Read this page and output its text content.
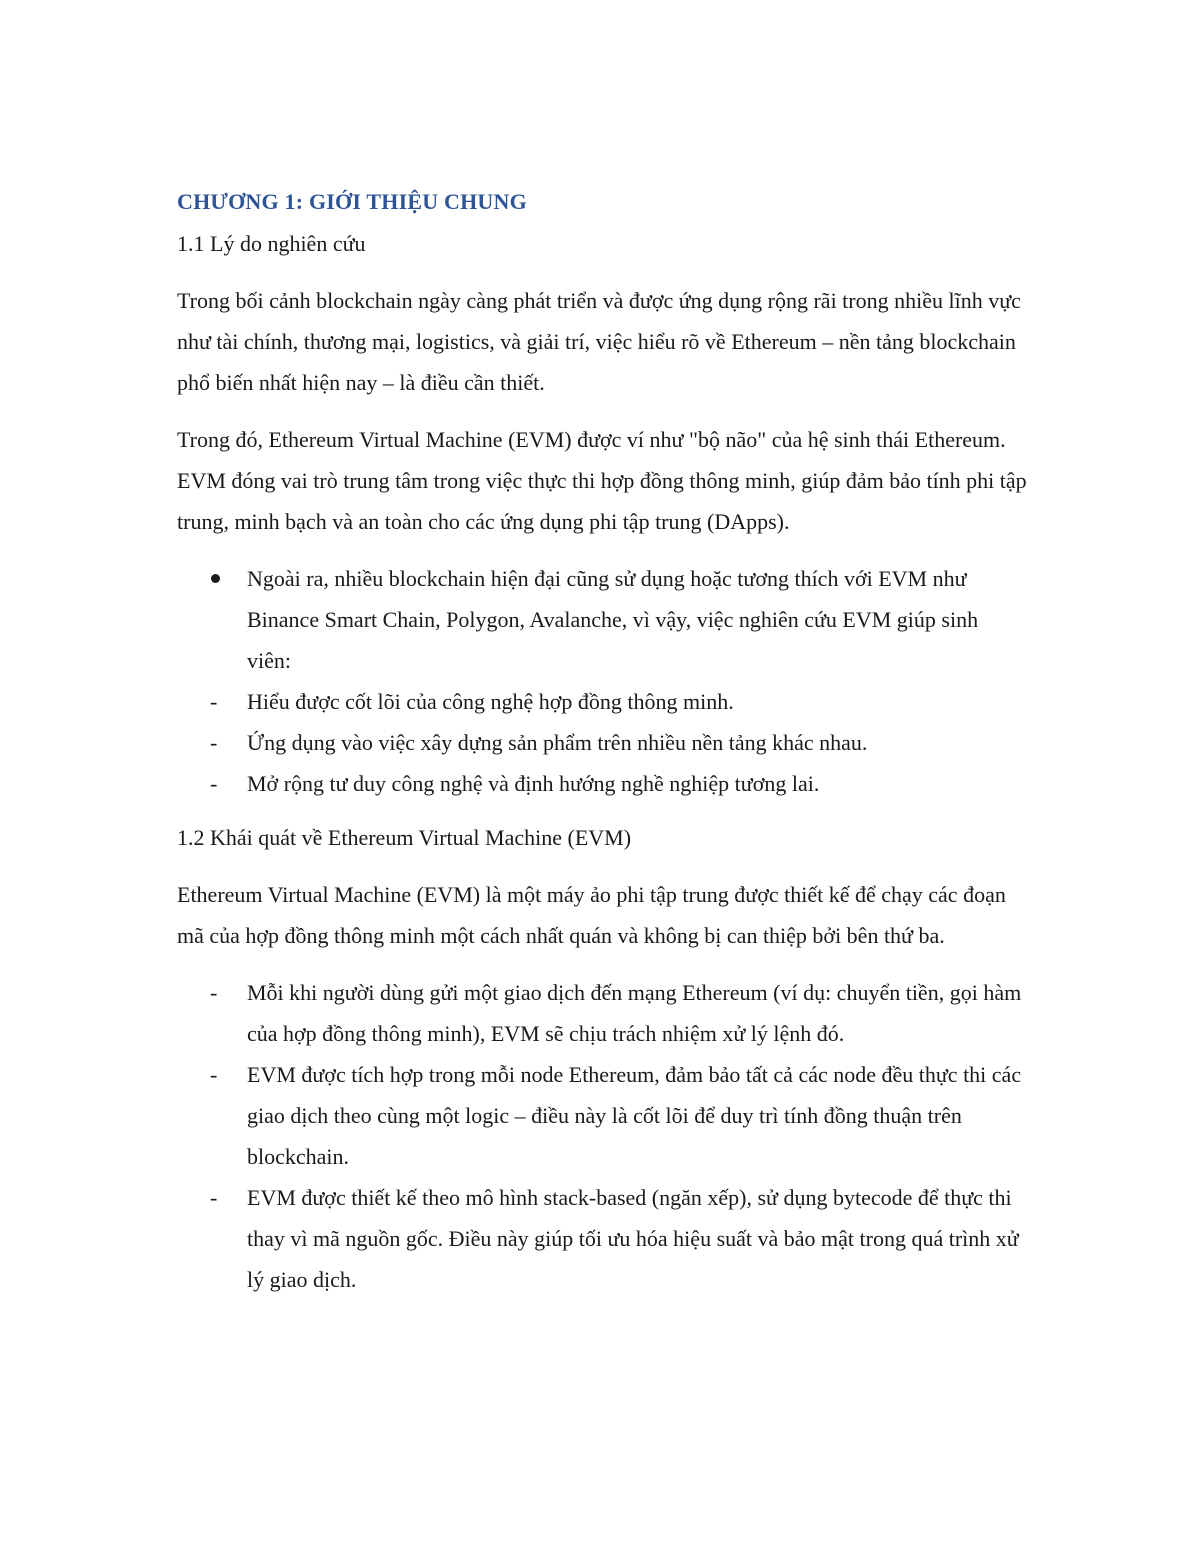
CHƯƠNG 1: GIỚI THIỆU CHUNG
1.1 Lý do nghiên cứu

Trong bối cảnh blockchain ngày càng phát triển và được ứng dụng rộng rãi trong nhiều lĩnh vực như tài chính, thương mại, logistics, và giải trí, việc hiểu rõ về Ethereum – nền tảng blockchain phổ biến nhất hiện nay – là điều cần thiết.

Trong đó, Ethereum Virtual Machine (EVM) được ví như "bộ não" của hệ sinh thái Ethereum. EVM đóng vai trò trung tâm trong việc thực thi hợp đồng thông minh, giúp đảm bảo tính phi tập trung, minh bạch và an toàn cho các ứng dụng phi tập trung (DApps).

Ngoài ra, nhiều blockchain hiện đại cũng sử dụng hoặc tương thích với EVM như Binance Smart Chain, Polygon, Avalanche, vì vậy, việc nghiên cứu EVM giúp sinh viên:
-	Hiểu được cốt lõi của công nghệ hợp đồng thông minh.
-	Ứng dụng vào việc xây dựng sản phẩm trên nhiều nền tảng khác nhau.
-	Mở rộng tư duy công nghệ và định hướng nghề nghiệp tương lai.
1.2 Khái quát về Ethereum Virtual Machine (EVM)

Ethereum Virtual Machine (EVM) là một máy ảo phi tập trung được thiết kế để chạy các đoạn mã của hợp đồng thông minh một cách nhất quán và không bị can thiệp bởi bên thứ ba.

-	Mỗi khi người dùng gửi một giao dịch đến mạng Ethereum (ví dụ: chuyển tiền, gọi hàm của hợp đồng thông minh), EVM sẽ chịu trách nhiệm xử lý lệnh đó.
-	EVM được tích hợp trong mỗi node Ethereum, đảm bảo tất cả các node đều thực thi các giao dịch theo cùng một logic – điều này là cốt lõi để duy trì tính đồng thuận trên blockchain.
-	EVM được thiết kế theo mô hình stack-based (ngăn xếp), sử dụng bytecode để thực thi thay vì mã nguồn gốc. Điều này giúp tối ưu hóa hiệu suất và bảo mật trong quá trình xử lý giao dịch.
